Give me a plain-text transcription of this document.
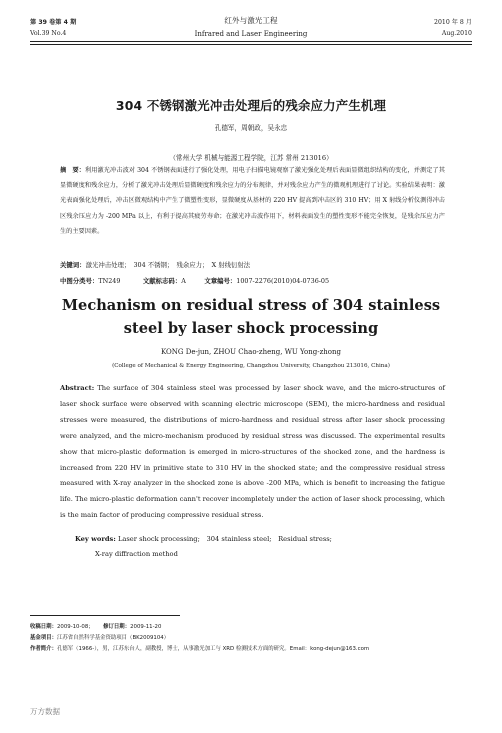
第 39 卷第 4 期	红外与激光工程	2010 年 8 月
Vol.39 No.4	Infrared and Laser Engineering	Aug.2010
304 不锈钢激光冲击处理后的残余应力产生机理
孔德军，周朝政，吴永忠
（常州大学 机械与能源工程学院，江苏 常州 213016）
摘　要：利用激光冲击波对 304 不锈钢表面进行了强化处理，用电子扫描电镜观察了激光强化处理后表面显微组织结构的变化，并测定了其显微硬度和残余应力，分析了激光冲击处理后显微硬度和残余应力的分布规律，并对残余应力产生的微观机理进行了讨论。实验结果表明：激光表面强化处理后，冲击区微观结构中产生了微塑性变形，显微硬度从基材的 220 HV 提高到冲击区的 310 HV；用 X 射线分析仪测得冲击区残余压应力为 -200 MPa 以上，有利于提高其疲劳寿命；在激光冲击波作用下，材料表面发生的塑性变形不能完全恢复，是残余压应力产生的主要因素。
关键词：激光冲击处理；　304 不锈钢；　残余应力；　X 射线衍射法
中图分类号：TN249	文献标志码：A	文章编号：1007-2276(2010)04-0736-05
Mechanism on residual stress of 304 stainless steel by laser shock processing
KONG De-jun, ZHOU Chao-zheng, WU Yong-zhong
(College of Mechanical & Energy Engineering, Changzhou University, Changzhou 213016, China)
Abstract: The surface of 304 stainless steel was processed by laser shock wave, and the micro-structures of laser shock surface were observed with scanning electric microscope (SEM), the micro-hardness and residual stresses were measured, the distributions of micro-hardness and residual stress after laser shock processing were analyzed, and the micro-mechanism produced by residual stress was discussed. The experimental results show that micro-plastic deformation is emerged in micro-structures of the shocked zone, and the hardness is increased from 220 HV in primitive state to 310 HV in the shocked state; and the compressive residual stress measured with X-ray analyzer in the shocked zone is above -200 MPa, which is benefit to increasing the fatigue life. The micro-plastic deformation cann't recover incompletely under the action of laser shock processing, which is the main factor of producing compressive residual stress.
Key words: Laser shock processing;　304 stainless steel;　Residual stress;
X-ray diffraction method
收稿日期：2009-10-08； 修订日期：2009-11-20
基金项目：江苏省自然科学基金资助项目（BK2009104）
作者简介：孔德军（1966-），男，江苏东台人，副教授，博士，从事激光加工与 XRD 检测技术方面的研究。Email：kong-dejun@163.com
万方数据
